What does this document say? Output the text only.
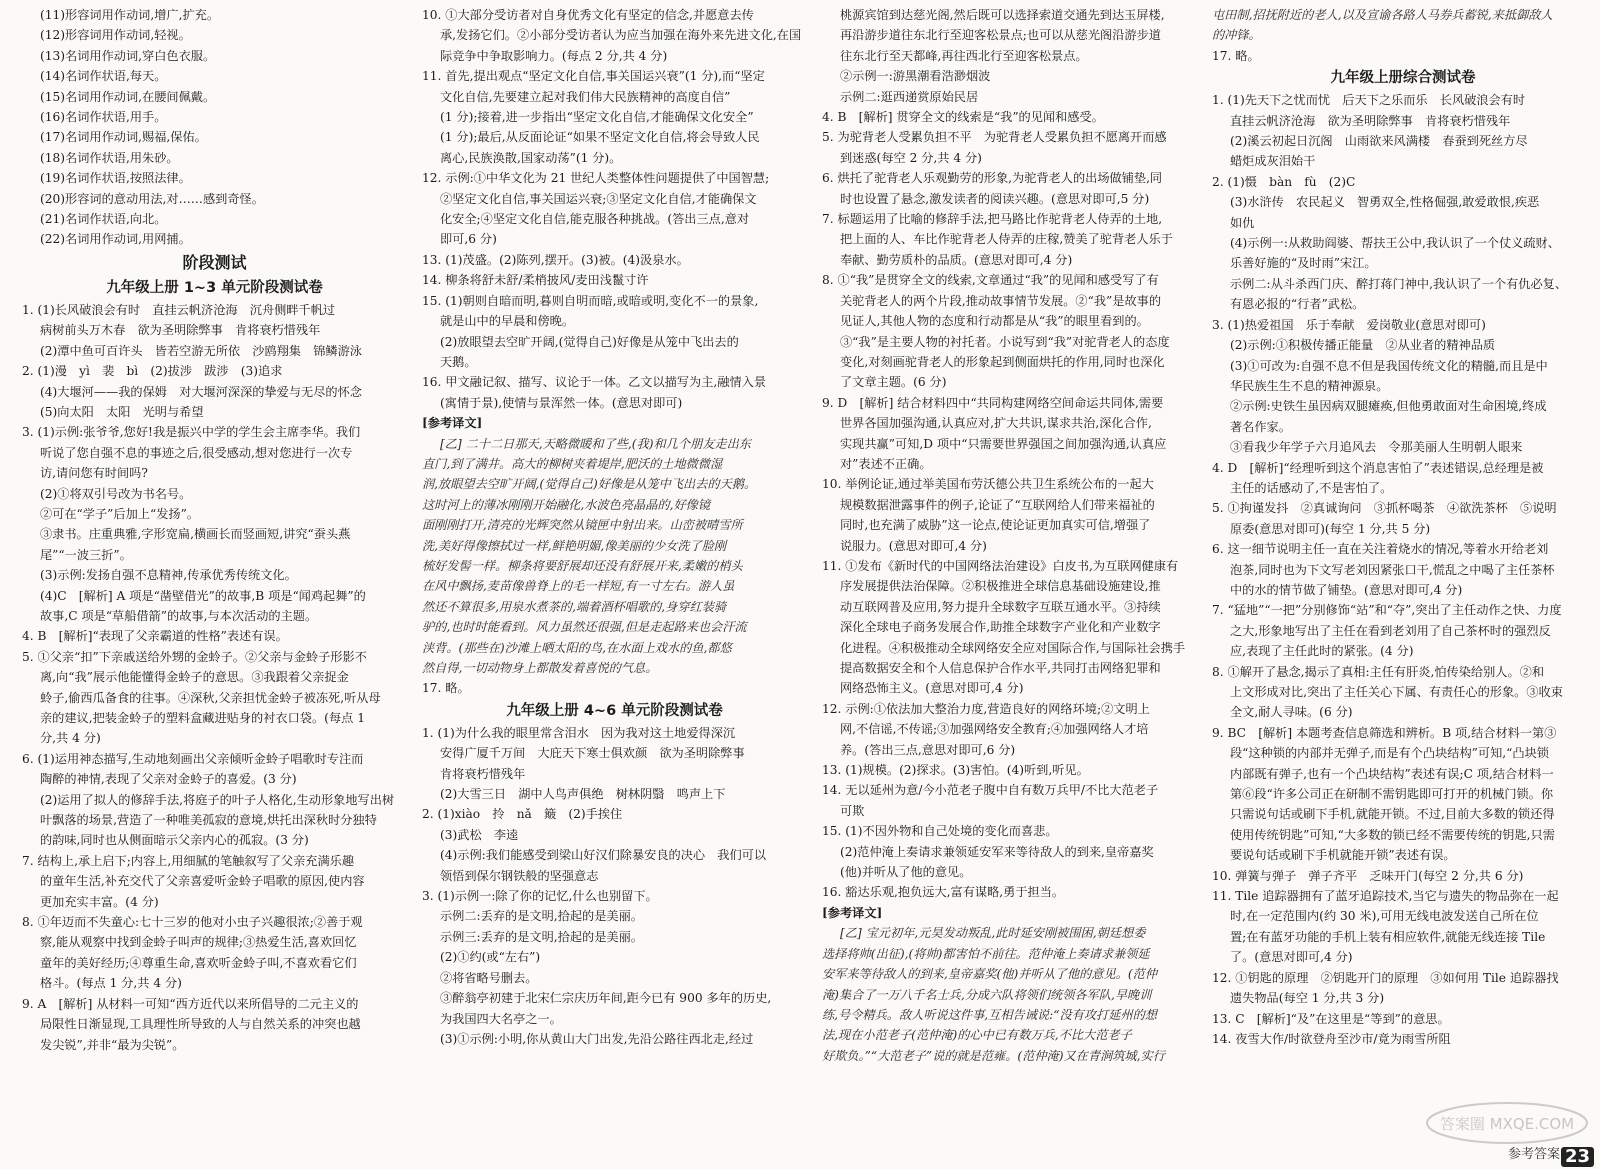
(11)形容词用作动词,增广,扩充。
(12)形容词用作动词,轻视。
(13)名词用作动词,穿白色衣服。
(14)名词作状语,每天。
(15)名词用作动词,在腰间佩戴。
(16)名词作状语,用手。
(17)名词用作动词,赐福,保佑。
(18)名词作状语,用朱砂。
(19)名词作状语,按照法律。
(20)形容词的意动用法,对……感到奇怪。
(21)名词作状语,向北。
(22)名词用作动词,用网捕。
阶段测试
九年级上册 1~3 单元阶段测试卷
1. (1)长风破浪会有时　直挂云帆济沧海　沉舟侧畔千帆过
病树前头万木春　欲为圣明除弊事　肯将衰朽惜残年
(2)潭中鱼可百许头　皆若空游无所依　沙鸥翔集　锦鳞游泳
2. (1)漫　yì　裴　bì　(2)拔涉　跋涉　(3)追求
(4)大堰河——我的保姆　对大堰河深深的挚爱与无尽的怀念
(5)向太阳　太阳　光明与希望
3. (1)示例:张爷爷,您好!我是振兴中学的学生会主席李华。我们
听说了您自强不息的事迹之后,很受感动,想对您进行一次专
访,请问您有时间吗?
(2)①将双引号改为书名号。
②可在“学子”后加上“发扬”。
③隶书。庄重典雅,字形宽扁,横画长而竖画短,讲究“蚕头燕
尾”“一波三折”。
(3)示例:发扬自强不息精神,传承优秀传统文化。
(4)C　[解析] A 项是“凿壁借光”的故事,B 项是“闻鸡起舞”的
故事,C 项是“草船借箭”的故事,与本次活动的主题。
4. B　[解析]“表现了父亲霸道的性格”表述有误。
5. ①父亲“扣”下亲戚送给外甥的金蛉子。②父亲与金蛉子形影不
离,向“我”展示他能懂得金蛉子的意思。③我跟着父亲捉金
蛉子,偷西瓜备食的往事。④深秋,父亲担忧金蛉子被冻死,听从母
亲的建议,把装金蛉子的塑料盒藏进贴身的衬衣口袋。(每点 1
分,共 4 分)
6. (1)运用神态描写,生动地刻画出父亲倾听金蛉子唱歌时专注而
陶醉的神情,表现了父亲对金蛉子的喜爱。(3 分)
(2)运用了拟人的修辞手法,将庭子的叶子人格化,生动形象地写出树
叶飘落的场景,营造了一种唯美孤寂的意境,烘托出深秋时分独特
的韵味,同时也从侧面暗示父亲内心的孤寂。(3 分)
7. 结构上,承上启下;内容上,用细腻的笔触叙写了父亲充满乐趣
的童年生活,补充交代了父亲喜爱听金蛉子唱歌的原因,使内容
更加充实丰富。(4 分)
8. ①年迈而不失童心:七十三岁的他对小虫子兴趣很浓;②善于观
察,能从观察中找到金蛉子叫声的规律;③热爱生活,喜欢回忆
童年的美好经历;④尊重生命,喜欢听金蛉子叫,不喜欢看它们
格斗。(每点 1 分,共 4 分)
9. A　[解析] 从材料一可知“西方近代以来所倡导的二元主义的
局限性日渐显现,工具理性所导致的人与自然关系的冲突也越
发尖锐”,并非“最为尖锐”。
10. ①大部分受访者对自身优秀文化有坚定的信念,并愿意去传
承,发扬它们。②小部分受访者认为应当加强在海外来先进文化,在国
际竞争中争取影响力。(每点 2 分,共 4 分)
11. 首先,提出观点“坚定文化自信,事关国运兴衰”(1 分),而“坚定
文化自信,先要建立起对我们伟大民族精神的高度自信”
(1 分);接着,进一步指出“坚定文化自信,才能确保文化安全”
(1 分);最后,从反面论证“如果不坚定文化自信,将会导致人民
离心,民族涣散,国家动荡”(1 分)。
12. 示例:①中华文化为 21 世纪人类整体性问题提供了中国智慧;
②坚定文化自信,事关国运兴衰;③坚定文化自信,才能确保文
化安全;④坚定文化自信,能克服各种挑战。(答出三点,意对
即可,6 分)
13. (1)茂盛。(2)陈列,摆开。(3)被。(4)汲泉水。
14. 柳条将舒未舒/柔梢披风/麦田浅鬣寸许
15. (1)朝则自暗而明,暮则自明而暗,或暗或明,变化不一的景象,
就是山中的早晨和傍晚。
(2)放眼望去空旷开阔,(觉得自己)好像是从笼中飞出去的
天鹅。
16. 甲文融记叙、描写、议论于一体。乙文以描写为主,融情入景
(寓情于景),使情与景浑然一体。(意思对即可)
[参考译文]
[乙] 二十二日那天,天略微暖和了些,(我)和几个朋友走出东
直门,到了满井。高大的柳树夹着堤岸,肥沃的土地微微湿
润,放眼望去空旷开阔,(觉得自己)好像是从笼中飞出去的天鹅。
这时河上的薄冰刚刚开始融化,水波色亮晶晶的,好像镜
面刚刚打开,清亮的光辉突然从镜匣中射出来。山峦被晴雪所
洗,美好得像擦拭过一样,鲜艳明媚,像美丽的少女洗了脸刚
梳好发髻一样。柳条将要舒展却还没有舒展开来,柔嫩的梢头
在风中飘扬,麦苗像兽脊上的毛一样短,有一寸左右。游人虽
然还不算很多,用泉水煮茶的,端着酒杯唱歌的,身穿红装骑
驴的,也时时能看到。风力虽然还很强,但是走起路来也会汗流
浃背。(那些在)沙滩上晒太阳的鸟,在水面上戏水的鱼,都悠
然自得,一切动物身上都散发着喜悦的气息。
17. 略。
九年级上册 4~6 单元阶段测试卷
1. (1)为什么我的眼里常含泪水　因为我对这土地爱得深沉
安得广厦千万间　大庇天下寒士俱欢颜　欲为圣明除弊事
肯将衰朽惜残年
(2)大雪三日　湖中人鸟声俱绝　树林阴翳　鸣声上下
2. (1)xiào　拎　nǎ　簸　(2)手挨住
(3)武松　李逵
(4)示例:我们能感受到梁山好汉们除暴安良的决心　我们可以
领悟到保尔钢铁般的坚强意志
3. (1)示例一:除了你的记忆,什么也别留下。
示例二:丢弃的是文明,拾起的是美丽。
示例三:丢弃的是文明,拾起的是美丽。
(2)①约(或“左右”)
②将省略号删去。
③醉翁亭初建于北宋仁宗庆历年间,距今已有 900 多年的历史,
为我国四大名亭之一。
(3)①示例:小明,你从黄山大门出发,先沿公路往西北走,经过
桃源宾馆到达慈光阁,然后既可以选择索道交通先到达玉屏楼,
再沿游步道往东北行至迎客松景点;也可以从慈光阁沿游步道
往东北行至天都峰,再往西北行至迎客松景点。
②示例一:游黑潮看浩渺烟波
示例二:逛西递赏原始民居
4. B　[解析] 贯穿全文的线索是“我”的见闻和感受。
5. 为驼背老人受累负担不平　为驼背老人受累负担不愿离开而感
到迷惑(每空 2 分,共 4 分)
6. 烘托了驼背老人乐观勤劳的形象,为驼背老人的出场做铺垫,同
时也设置了悬念,激发读者的阅读兴趣。(意思对即可,5 分)
7. 标题运用了比喻的修辞手法,把马路比作驼背老人侍弄的土地,
把上面的人、车比作驼背老人侍弄的庄稼,赞美了驼背老人乐于
奉献、勤劳质朴的品质。(意思对即可,4 分)
8. ①“我”是贯穿全文的线索,文章通过“我”的见闻和感受写了有
关驼背老人的两个片段,推动故事情节发展。②“我”是故事的
见证人,其他人物的态度和行动都是从“我”的眼里看到的。
③“我”是主要人物的衬托者。小说写到“我”对驼背老人的态度
变化,对刻画驼背老人的形象起到侧面烘托的作用,同时也深化
了文章主题。(6 分)
9. D　[解析] 结合材料四中“共同构建网络空间命运共同体,需要
世界各国加强沟通,认真应对,扩大共识,谋求共治,深化合作,
实现共赢”可知,D 项中“只需要世界强国之间加强沟通,认真应
对”表述不正确。
10. 举例论证,通过举美国布劳沃德公共卫生系统公布的一起大
规模数据泄露事件的例子,论证了“互联网给人们带来福祉的
同时,也充满了威胁”这一论点,使论证更加真实可信,增强了
说服力。(意思对即可,4 分)
11. ①发布《新时代的中国网络法治建设》白皮书,为互联网健康有
序发展提供法治保障。②积极推进全球信息基础设施建设,推
动互联网普及应用,努力提升全球数字互联互通水平。③持续
深化全球电子商务发展合作,助推全球数字产业化和产业数字
化进程。④积极推动全球网络安全应对国际合作,与国际社会携手
提高数据安全和个人信息保护合作水平,共同打击网络犯罪和
网络恐怖主义。(意思对即可,4 分)
12. 示例:①依法加大整治力度,营造良好的网络环境;②文明上
网,不信谣,不传谣;③加强网络安全教育;④加强网络人才培
养。(答出三点,意思对即可,6 分)
13. (1)规模。(2)探求。(3)害怕。(4)听到,听见。
14. 无以延州为意/今小范老子腹中自有数万兵甲/不比大范老子
可欺
15. (1)不因外物和自己处境的变化而喜悲。
(2)范仲淹上奏请求兼领延安军来等待敌人的到来,皇帝嘉奖
(他)并听从了他的意见。
16. 豁达乐观,抱负远大,富有谋略,勇于担当。
[参考译文]
[乙] 宝元初年,元昊发动叛乱,此时延安刚被围困,朝廷想委
选择将帅(出征),(将帅)都害怕不前往。范仲淹上奏请求兼领延
安军来等待敌人的到来,皇帝嘉奖(他)并听从了他的意见。(范仲
淹)集合了一万八千名士兵,分成六队将领们统领各军队,早晚训
练,号令精兵。敌人听说这件事,互相告诫说:“没有攻打延州的想
法,现在小范老子(范仲淹)的心中已有数万兵,不比大范老子
好欺负。”“大范老子”说的就是范雍。(范仲淹)又在青涧筑城,实行
屯田制,招抚附近的老人,以及宣谕各路人马券兵蓄锐,来抵御敌人
的冲锋。
17. 略。
九年级上册综合测试卷
1. (1)先天下之忧而忧　后天下之乐而乐　长风破浪会有时
直挂云帆济沧海　欲为圣明除弊事　肯将衰朽惜残年
(2)溪云初起日沉阁　山雨欲来风满楼　春蚕到死丝方尽
蜡炬成灰泪始干
2. (1)慑　bàn　fù　(2)C
(3)水浒传　农民起义　智勇双全,性格倔强,敢爱敢恨,疾恶
如仇
(4)示例一:从救助阎婆、帮扶王公中,我认识了一个仗义疏财、
乐善好施的“及时雨”宋江。
示例二:从斗杀西门庆、醉打蒋门神中,我认识了一个有仇必复、
有恩必报的“行者”武松。
3. (1)热爱祖国　乐于奉献　爱岗敬业(意思对即可)
(2)示例:①积极传播正能量　②从业者的精神品质
(3)①可改为:自强不息不但是我国传统文化的精髓,而且是中
华民族生生不息的精神源泉。
②示例:史铁生虽因病双腿瘫痪,但他勇敢面对生命困境,终成
著名作家。
③看我少年学子六月追风去　令那美丽人生明朝人眼来
4. D　[解析]“经理听到这个消息害怕了”表述错误,总经理是被
主任的话感动了,不是害怕了。
5. ①拘谨发抖　②真诚询问　③抓杯喝茶　④欲洗茶杯　⑤说明
原委(意思对即可)(每空 1 分,共 5 分)
6. 这一细节说明主任一直在关注着烧水的情况,等着水开给老刘
泡茶,同时也为下文写老刘因紧张口干,慌乱之中喝了主任茶杯
中的水的情节做了铺垫。(意思对即可,4 分)
7. “猛地”“一把”分别修饰“站”和“夺”,突出了主任动作之快、力度
之大,形象地写出了主任在看到老刘用了自己茶杯时的强烈反
应,表现了主任此时的紧张。(4 分)
8. ①解开了悬念,揭示了真相:主任有肝炎,怕传染给别人。②和
上文形成对比,突出了主任关心下属、有责任心的形象。③收束
全文,耐人寻味。(6 分)
9. BC　[解析] 本题考查信息筛选和辨析。B 项,结合材料一第③
段“这种锁的内部并无弹子,而是有个凸块结构”可知,“凸块锁
内部既有弹子,也有一个凸块结构”表述有误;C 项,结合材料一
第⑥段“许多公司正在研制不需钥匙即可打开的机械门锁。你
只需说句话或刷下手机,就能开锁。不过,目前大多数的锁还得
使用传统钥匙”可知,“大多数的锁已经不需要传统的钥匙,只需
要说句话或刷下手机就能开锁”表述有误。
10. 弹簧与弹子　弹子齐平　乏味开门(每空 2 分,共 6 分)
11. Tile 追踪器拥有了蓝牙追踪技术,当它与遗失的物品弥在一起
时,在一定范围内(约 30 米),可用无线电波发送自己所在位
置;在有蓝牙功能的手机上装有相应软件,就能无线连接 Tile
了。(意思对即可,4 分)
12. ①钥匙的原理　②钥匙开门的原理　③如何用 Tile 追踪器找
遗失物品(每空 1 分,共 3 分)
13. C　[解析]“及”在这里是“等到”的意思。
14. 夜雪大作/时欲登舟至沙市/竟为雨雪所阻
答案圈 MXQE.COM
参考答案 23
